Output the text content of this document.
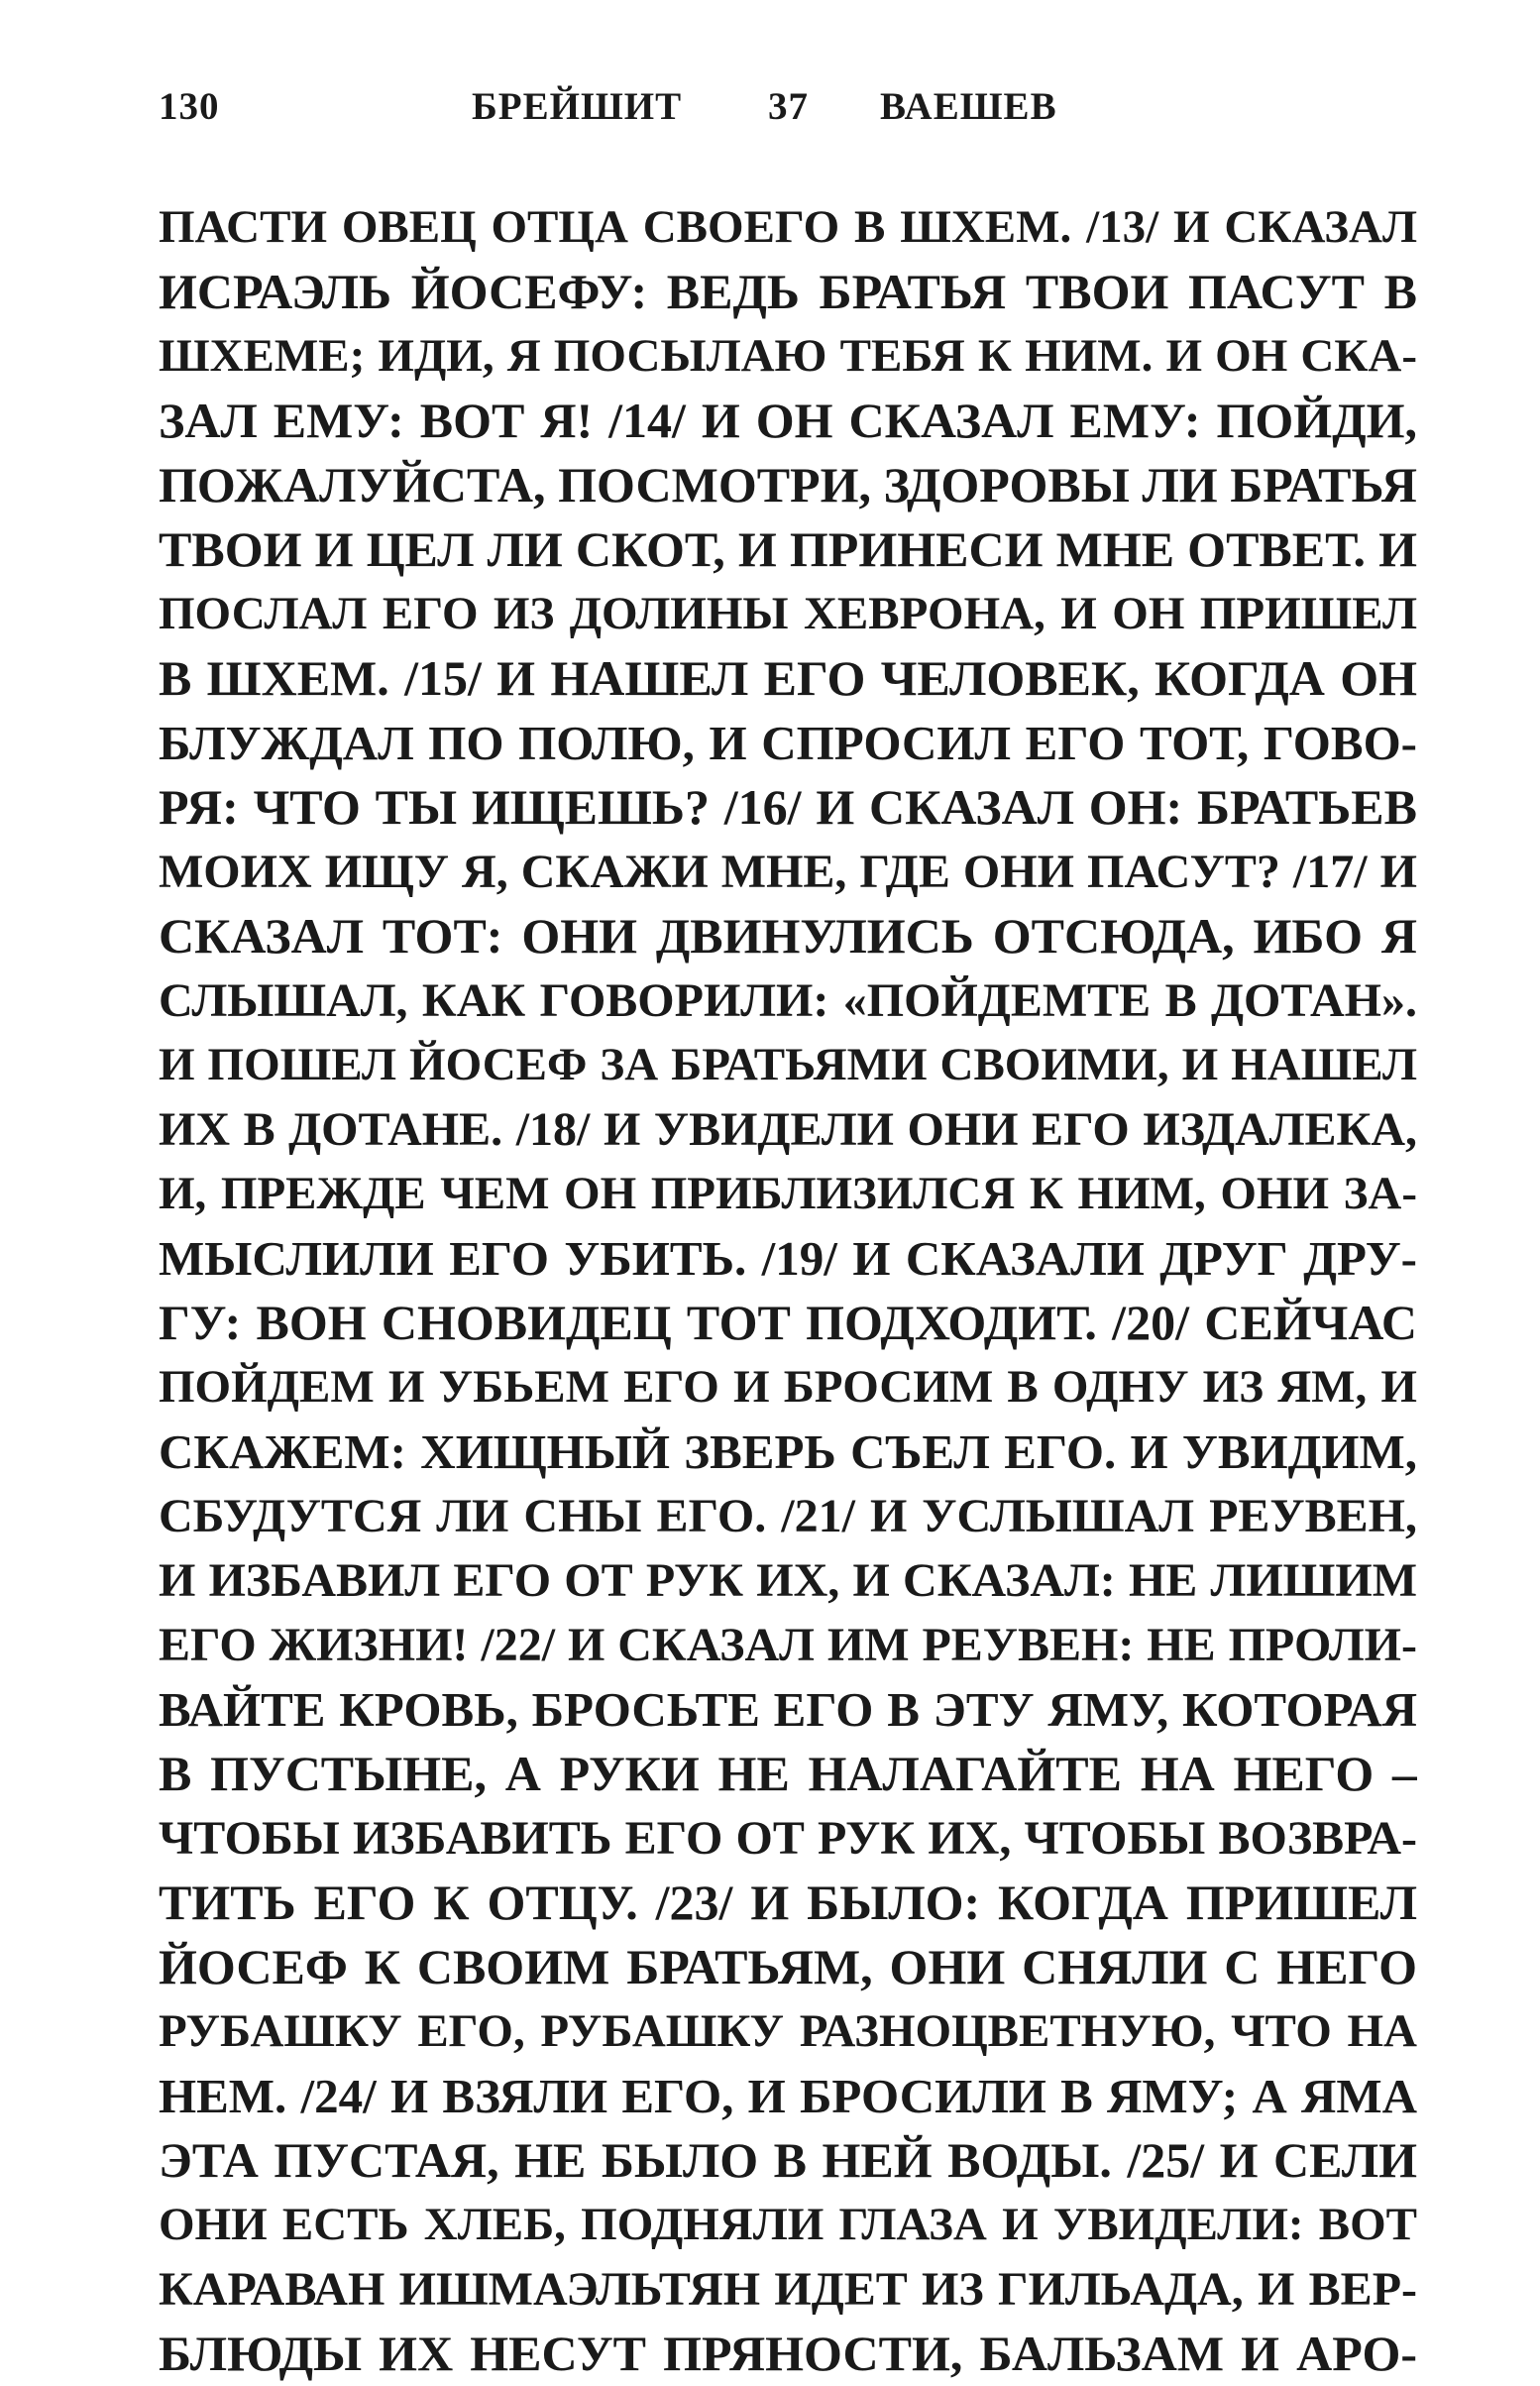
130	БРЕЙШИТ 37 ВАЕШЕВ
ПАСТИ ОВЕЦ ОТЦА СВОЕГО В ШХЕМ. /13/ И СКАЗАЛ
ИСРАЭЛЬ ЙОСЕФУ: ВЕДЬ БРАТЬЯ ТВОИ ПАСУТ В
ШХЕМЕ; ИДИ, Я ПОСЫЛАЮ ТЕБЯ К НИМ. И ОН СКА-
ЗАЛ ЕМУ: ВОТ Я! /14/ И ОН СКАЗАЛ ЕМУ: ПОЙДИ,
ПОЖАЛУЙСТА, ПОСМОТРИ, ЗДОРОВЫ ЛИ БРАТЬЯ
ТВОИ И ЦЕЛ ЛИ СКОТ, И ПРИНЕСИ МНЕ ОТВЕТ. И
ПОСЛАЛ ЕГО ИЗ ДОЛИНЫ ХЕВРОНА, И ОН ПРИШЕЛ
В ШХЕМ. /15/ И НАШЕЛ ЕГО ЧЕЛОВЕК, КОГДА ОН
БЛУЖДАЛ ПО ПОЛЮ, И СПРОСИЛ ЕГО ТОТ, ГОВО-
РЯ: ЧТО ТЫ ИЩЕШЬ? /16/ И СКАЗАЛ ОН: БРАТЬЕВ
МОИХ ИЩУ Я, СКАЖИ МНЕ, ГДЕ ОНИ ПАСУТ? /17/ И
СКАЗАЛ ТОТ: ОНИ ДВИНУЛИСЬ ОТСЮДА, ИБО Я
СЛЫШАЛ, КАК ГОВОРИЛИ: «ПОЙДЕМТЕ В ДОТАН».
И ПОШЕЛ ЙОСЕФ ЗА БРАТЬЯМИ СВОИМИ, И НАШЕЛ
ИХ В ДОТАНЕ. /18/ И УВИДЕЛИ ОНИ ЕГО ИЗДАЛЕКА,
И, ПРЕЖДЕ ЧЕМ ОН ПРИБЛИЗИЛСЯ К НИМ, ОНИ ЗА-
МЫСЛИЛИ ЕГО УБИТЬ. /19/ И СКАЗАЛИ ДРУГ ДРУ-
ГУ: ВОН СНОВИДЕЦ ТОТ ПОДХОДИТ. /20/ СЕЙЧАС
ПОЙДЕМ И УБЬЕМ ЕГО И БРОСИМ В ОДНУ ИЗ ЯМ, И
СКАЖЕМ: ХИЩНЫЙ ЗВЕРЬ СЪЕЛ ЕГО. И УВИДИМ,
СБУДУТСЯ ЛИ СНЫ ЕГО. /21/ И УСЛЫШАЛ РЕУВЕН,
И ИЗБАВИЛ ЕГО ОТ РУК ИХ, И СКАЗАЛ: НЕ ЛИШИМ
ЕГО ЖИЗНИ! /22/ И СКАЗАЛ ИМ РЕУВЕН: НЕ ПРОЛИ-
ВАЙТЕ КРОВЬ, БРОСЬТЕ ЕГО В ЭТУ ЯМУ, КОТОРАЯ
В ПУСТЫНЕ, А РУКИ НЕ НАЛАГАЙТЕ НА НЕГО –
ЧТОБЫ ИЗБАВИТЬ ЕГО ОТ РУК ИХ, ЧТОБЫ ВОЗВРА-
ТИТЬ ЕГО К ОТЦУ. /23/ И БЫЛО: КОГДА ПРИШЕЛ
ЙОСЕФ К СВОИМ БРАТЬЯМ, ОНИ СНЯЛИ С НЕГО
РУБАШКУ ЕГО, РУБАШКУ РАЗНОЦВЕТНУЮ, ЧТО НА
НЕМ. /24/ И ВЗЯЛИ ЕГО, И БРОСИЛИ В ЯМУ; А ЯМА
ЭТА ПУСТАЯ, НЕ БЫЛО В НЕЙ ВОДЫ. /25/ И СЕЛИ
ОНИ ЕСТЬ ХЛЕБ, ПОДНЯЛИ ГЛАЗА И УВИДЕЛИ: ВОТ
КАРАВАН ИШМАЭЛЬТЯН ИДЕТ ИЗ ГИЛЬАДА, И ВЕР-
БЛЮДЫ ИХ НЕСУТ ПРЯНОСТИ, БАЛЬЗАМ И АРО-
